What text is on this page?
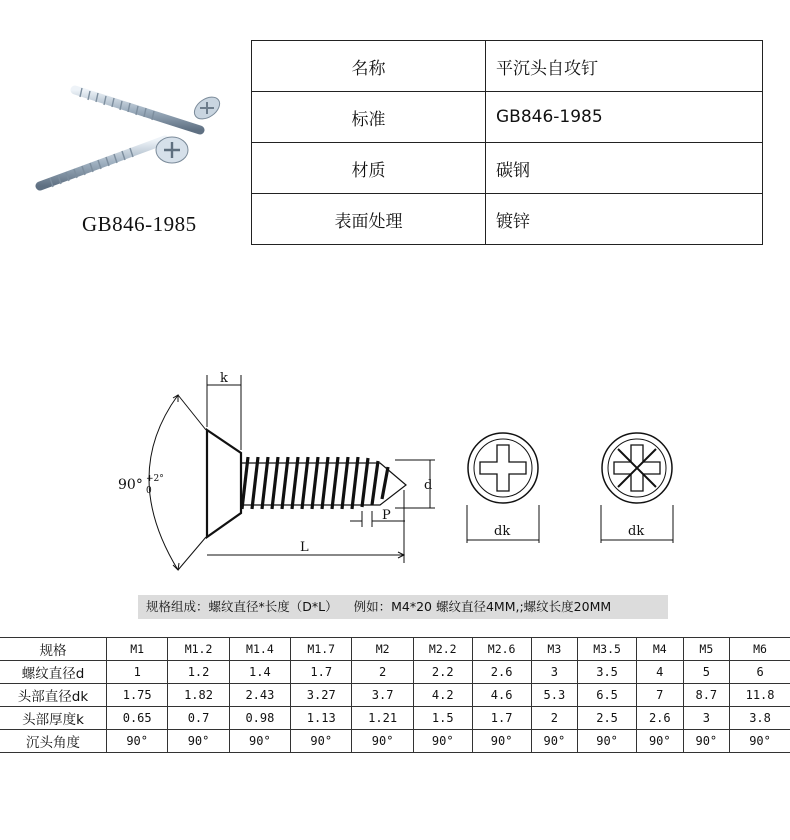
GB846-1985
名称	平沉头自攻钉
标准	GB846-1985
材质	碳钢
表面处理	镀锌
90° +2°
0
k
d
P
L
dk	dk
规格组成：螺纹直径*长度（D*L） 例如：M4*20 螺纹直径4MM,;螺纹长度20MM
规格	M1	M1.2	M1.4	M1.7	M2	M2.2	M2.6	M3	M3.5	M4	M5	M6
螺纹直径d	1	1.2	1.4	1.7	2	2.2	2.6	3	3.5	4	5	6
头部直径dk	1.75	1.82	2.43	3.27	3.7	4.2	4.6	5.3	6.5	7	8.7	11.8
头部厚度k	0.65	0.7	0.98	1.13	1.21	1.5	1.7	2	2.5	2.6	3	3.8
沉头角度	90°	90°	90°	90°	90°	90°	90°	90°	90°	90°	90°	90°
